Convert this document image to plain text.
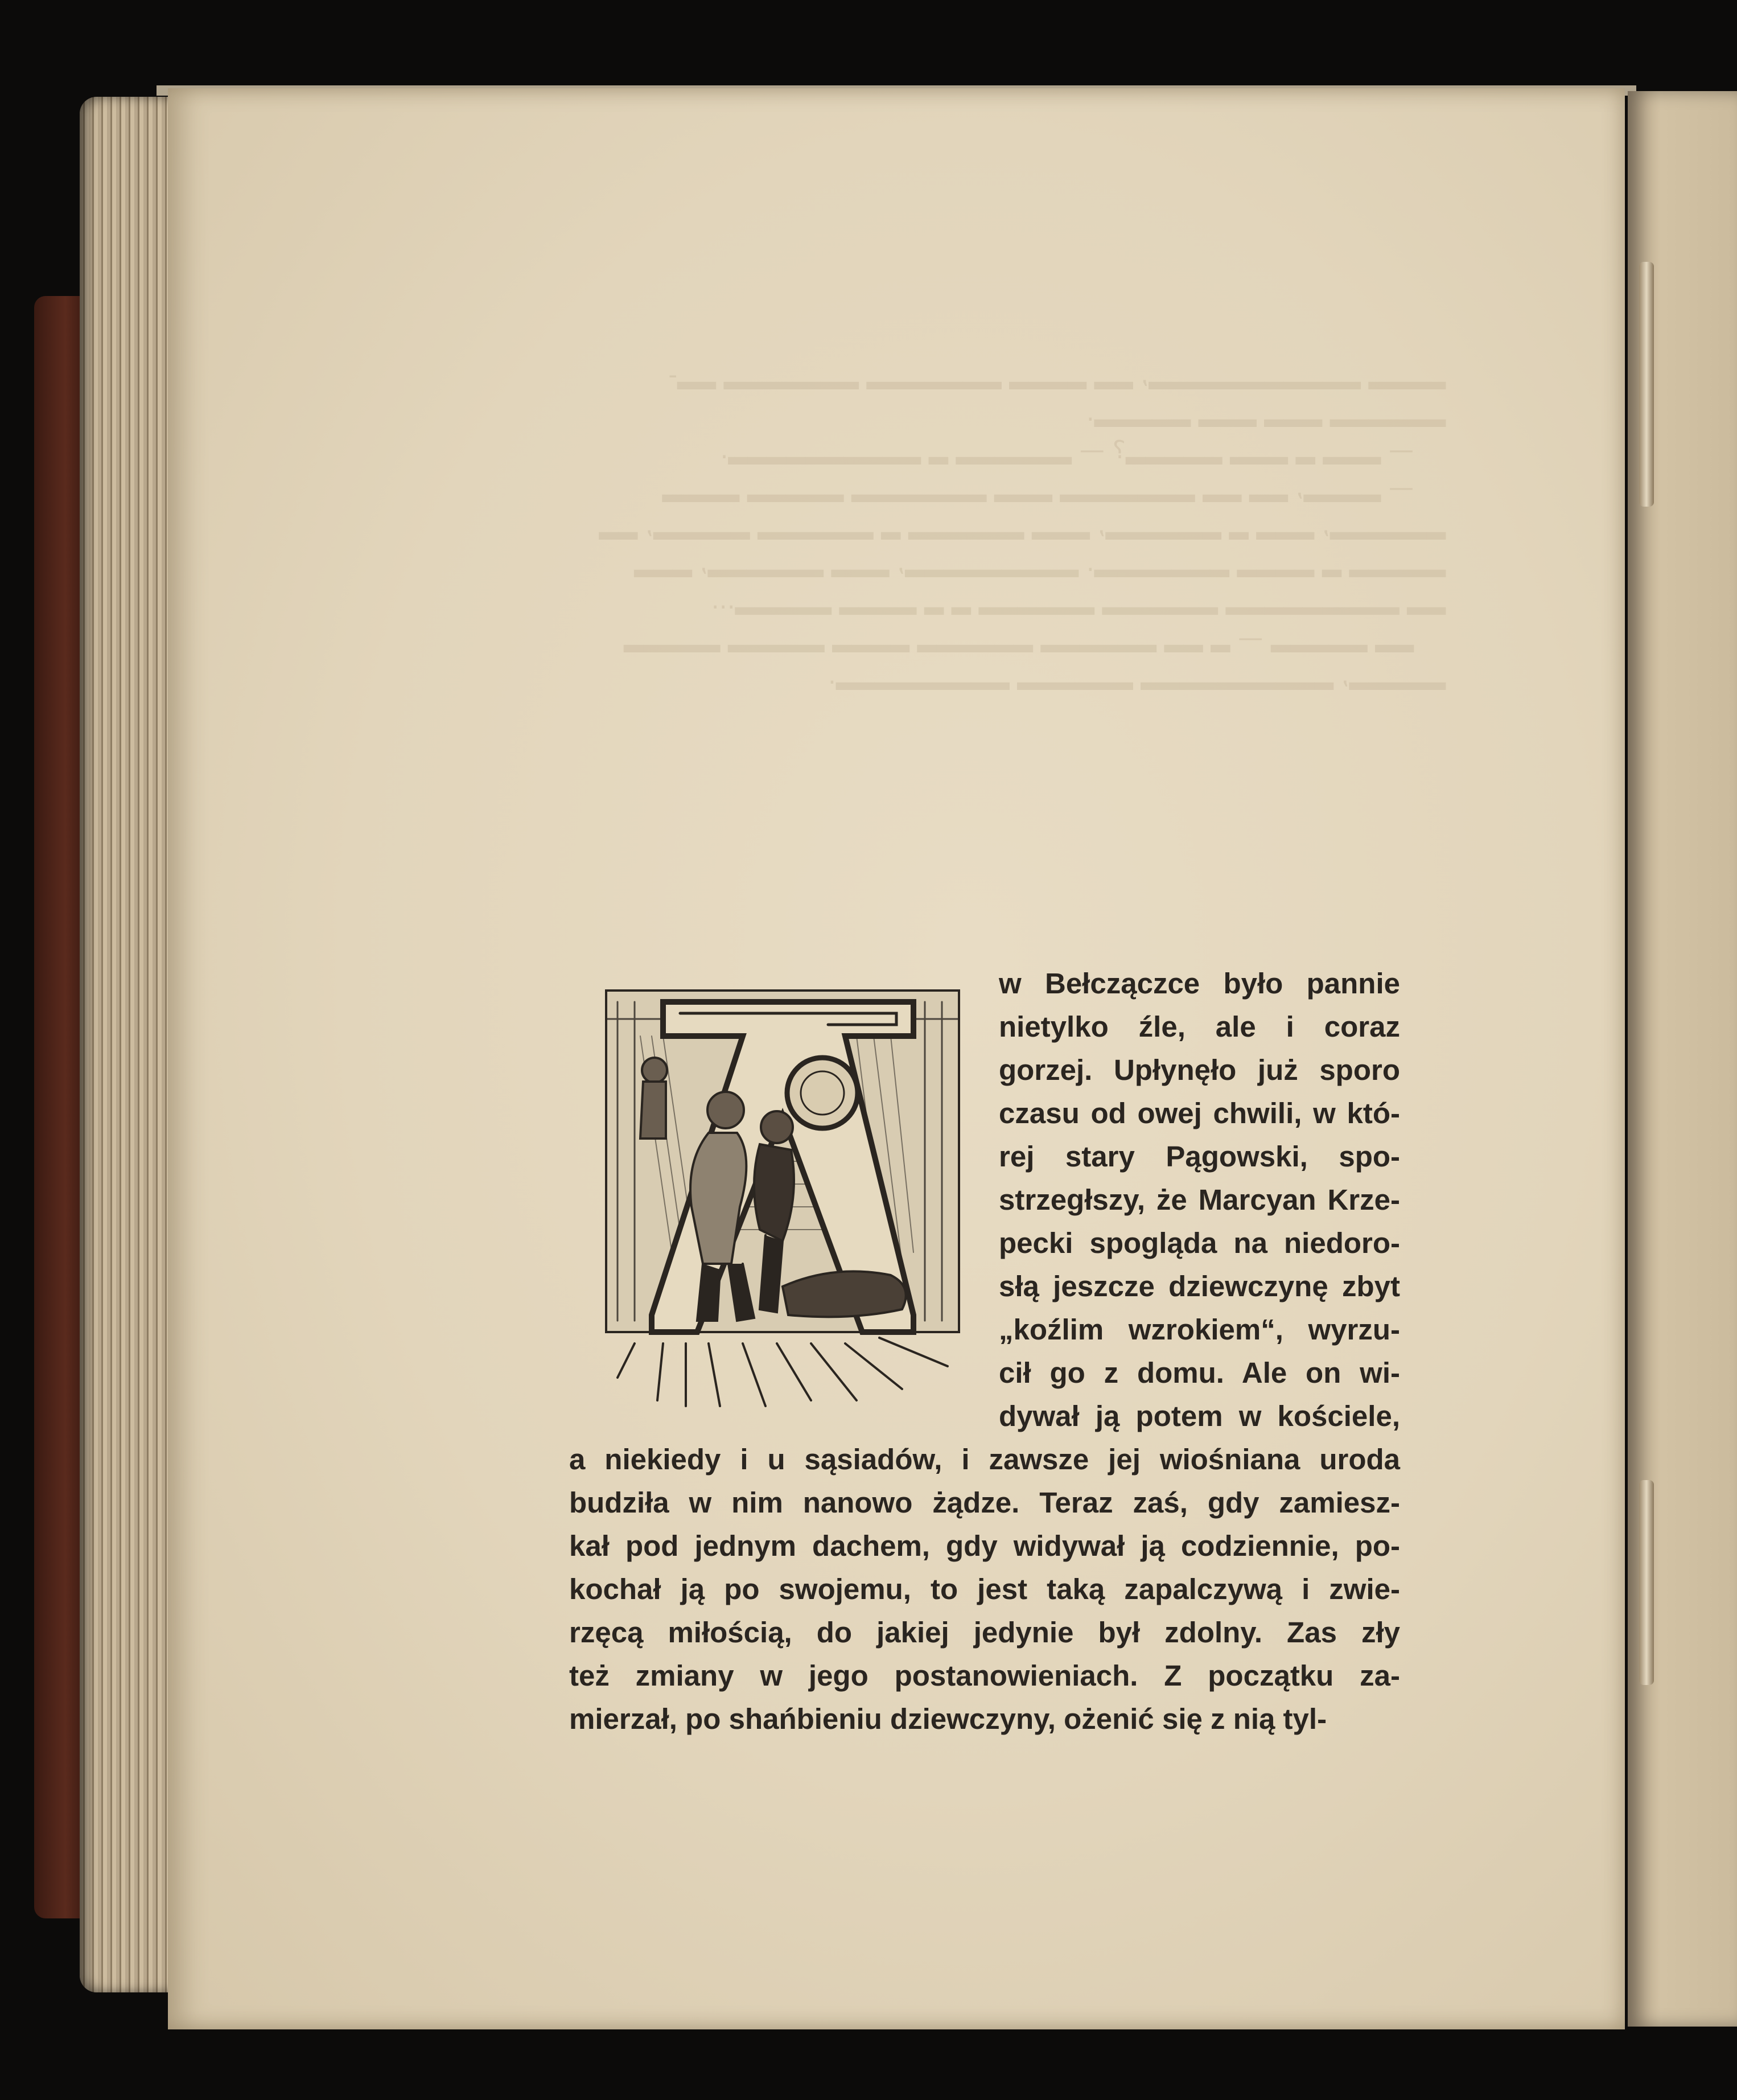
▂▂▂▂ ▂▂▂▂▂▂▂▂▂▂▂, ▂▂ ▂▂▂▂ ▂▂▂▂▂▂▂ ▂▂▂▂▂▂▂ ▂▂-
▂▂▂▂▂▂ ▂▂▂ ▂▂▂ ▂▂▂▂▂.
— ▂▂▂ ▂ ▂▂▂ ▂▂▂▂▂? — ▂▂▂▂▂▂ ▂ ▂▂▂▂▂▂▂▂▂▂.
— ▂▂▂▂, ▂▂ ▂▂ ▂▂▂▂▂▂▂ ▂▂▂ ▂▂▂▂▂▂▂ ▂▂▂▂▂ ▂▂▂▂
▂▂▂▂▂▂, ▂▂▂ ▂ ▂▂▂▂▂▂, ▂▂▂ ▂▂▂▂▂▂ ▂ ▂▂▂▂▂▂ ▂▂▂▂▂, ▂▂
▂▂▂▂▂ ▂ ▂▂▂▂ ▂▂▂▂▂▂▂. ▂▂▂▂▂▂▂▂▂, ▂▂▂ ▂▂▂▂▂▂, ▂▂▂
▂▂ ▂▂▂▂▂▂▂▂▂ ▂▂▂▂▂▂ ▂▂▂▂▂▂ ▂ ▂ ▂▂▂▂ ▂▂▂▂▂...
▂▂ ▂▂▂▂▂ — ▂ ▂▂ ▂▂▂▂▂▂ ▂▂▂▂▂▂ ▂▂▂▂ ▂▂▂▂▂ ▂▂▂▂▂
▂▂▂▂▂, ▂▂▂▂▂▂▂▂▂▂ ▂▂▂▂▂▂ ▂▂▂▂▂▂▂▂▂.

w Bełczączce było pannie
nietylko źle, ale i coraz
gorzej. Upłynęło już sporo
czasu od owej chwili, w któ-
rej stary Pągowski, spo-
strzegłszy, że Marcyan Krze-
pecki spogląda na niedoro-
słą jeszcze dziewczynę zbyt
„koźlim wzrokiem“, wyrzu-
cił go z domu. Ale on wi-
dywał ją potem w kościele,
a niekiedy i u sąsiadów, i zawsze jej wiośniana uroda
budziła w nim nanowo żądze. Teraz zaś, gdy zamiesz-
kał pod jednym dachem, gdy widywał ją codziennie, po-
kochał ją po swojemu, to jest taką zapalczywą i zwie-
rzęcą miłością, do jakiej jedynie był zdolny. Zas zły
też zmiany w jego postanowieniach. Z początku za-
mierzał, po shańbieniu dziewczyny, ożenić się z nią tyl-
